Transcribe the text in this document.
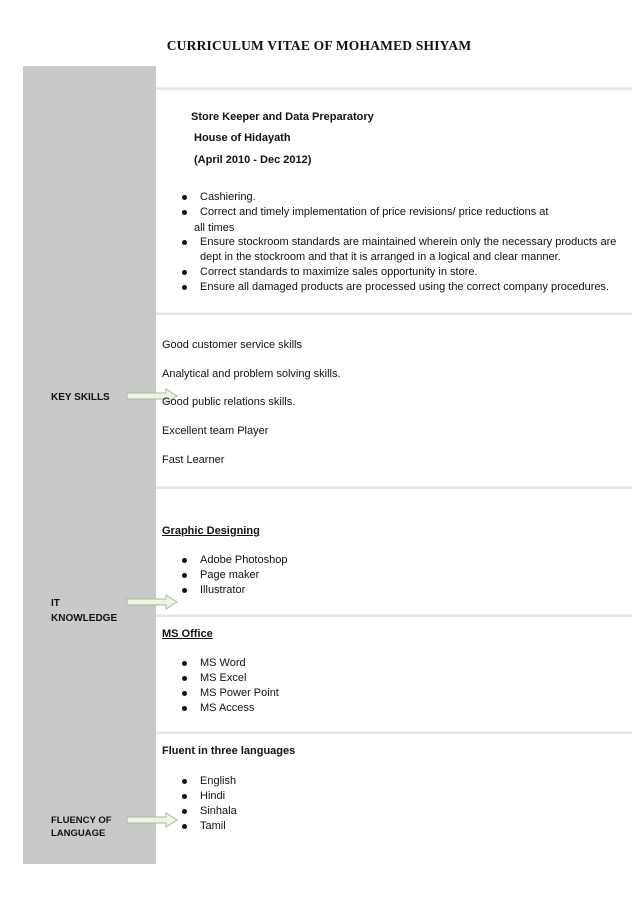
CURRICULUM VITAE OF MOHAMED SHIYAM
KEY SKILLS
IT
KNOWLEDGE
FLUENCY OF
LANGUAGE
Store Keeper and Data Preparatory
House of Hidayath
(April 2010 - Dec 2012)
Cashiering.
Correct and timely implementation of price revisions/ price reductions at
all times
Ensure stockroom standards are maintained wherein only the necessary products are
dept in the stockroom and that it is arranged in a logical and clear manner.
Correct standards to maximize sales opportunity in store.
Ensure all damaged products are processed using the correct company procedures.
Good customer service skills
Analytical and problem solving skills.
Good public relations skills.
Excellent team Player
Fast Learner
Graphic Designing
Adobe Photoshop
Page maker
Illustrator
MS Office
MS Word
MS Excel
MS Power Point
MS Access
Fluent in three languages
English
Hindi
Sinhala
Tamil
